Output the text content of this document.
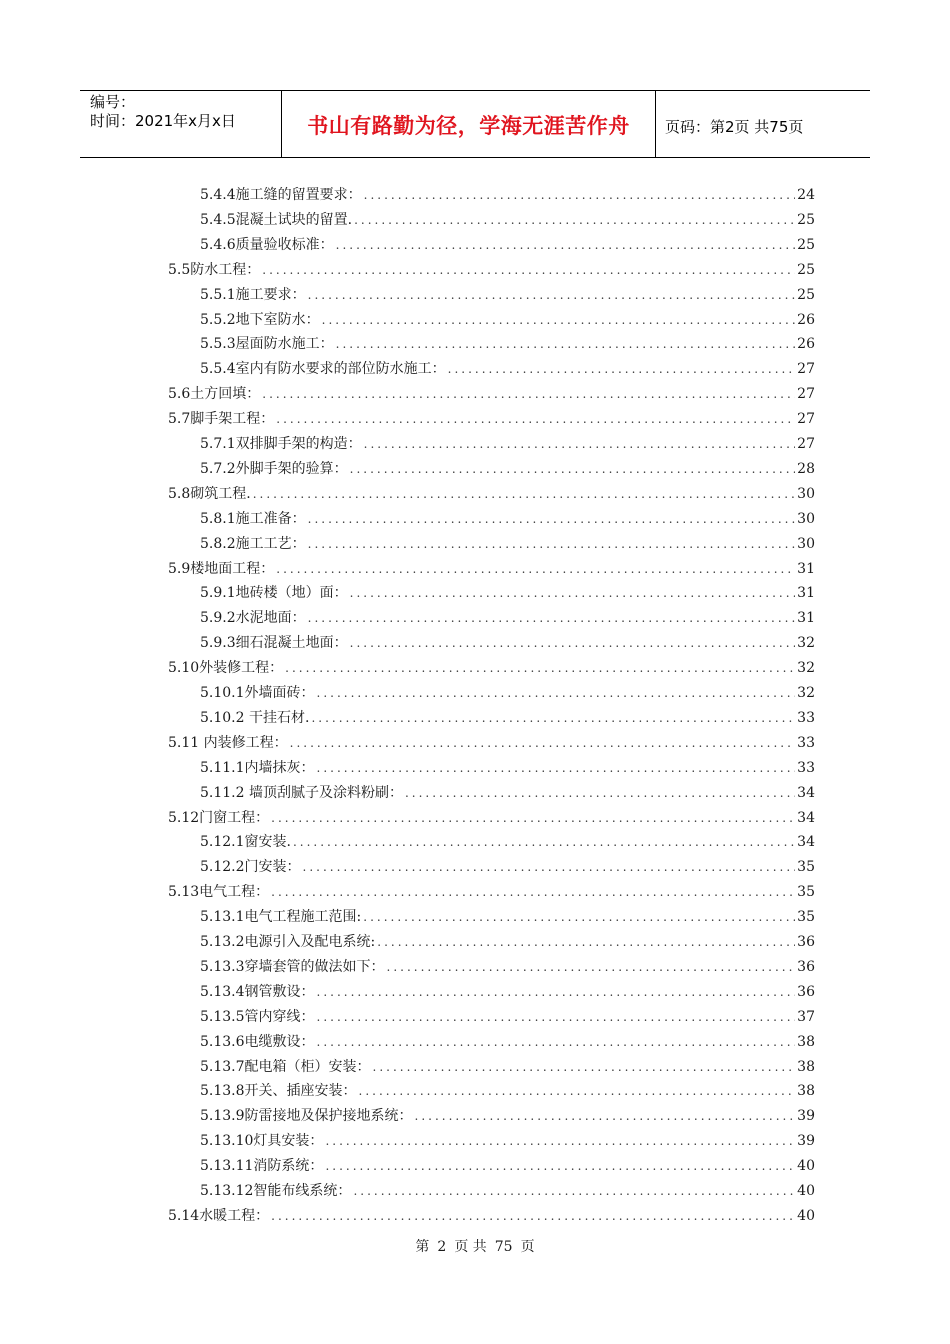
编号：
时间：2021年x月x日	书山有路勤为径，学海无涯苦作舟	页码：第2页 共75页
5.4.4施工缝的留置要求： .....	24
5.4.5混凝土试块的留置. .....	25
5.4.6质量验收标准： .....	25
5.5防水工程： .....	25
5.5.1施工要求： .....	25
5.5.2地下室防水： .....	26
5.5.3屋面防水施工： .....	26
5.5.4室内有防水要求的部位防水施工： .....	27
5.6土方回填： .....	27
5.7脚手架工程： .....	27
5.7.1双排脚手架的构造： .....	27
5.7.2外脚手架的验算： .....	28
5.8砌筑工程. .....	30
5.8.1施工准备： .....	30
5.8.2施工工艺： .....	30
5.9楼地面工程： .....	31
5.9.1地砖楼（地）面： .....	31
5.9.2水泥地面： .....	31
5.9.3细石混凝土地面： .....	32
5.10外装修工程： .....	32
5.10.1外墙面砖： .....	32
5.10.2 干挂石材. .....	33
5.11 内装修工程： .....	33
5.11.1内墙抹灰： .....	33
5.11.2 墙顶刮腻子及涂料粉刷： .....	34
5.12门窗工程： .....	34
5.12.1窗安装. .....	34
5.12.2门安装： .....	35
5.13电气工程： .....	35
5.13.1电气工程施工范围: .....	35
5.13.2电源引入及配电系统: .....	36
5.13.3穿墙套管的做法如下： .....	36
5.13.4钢管敷设： .....	36
5.13.5管内穿线： .....	37
5.13.6电缆敷设： .....	38
5.13.7配电箱（柜）安装： .....	38
5.13.8开关、插座安装： .....	38
5.13.9防雷接地及保护接地系统： .....	39
5.13.10灯具安装： .....	39
5.13.11消防系统： .....	40
5.13.12智能布线系统： .....	40
5.14水暖工程： .....	40
第 2 页 共 75 页
